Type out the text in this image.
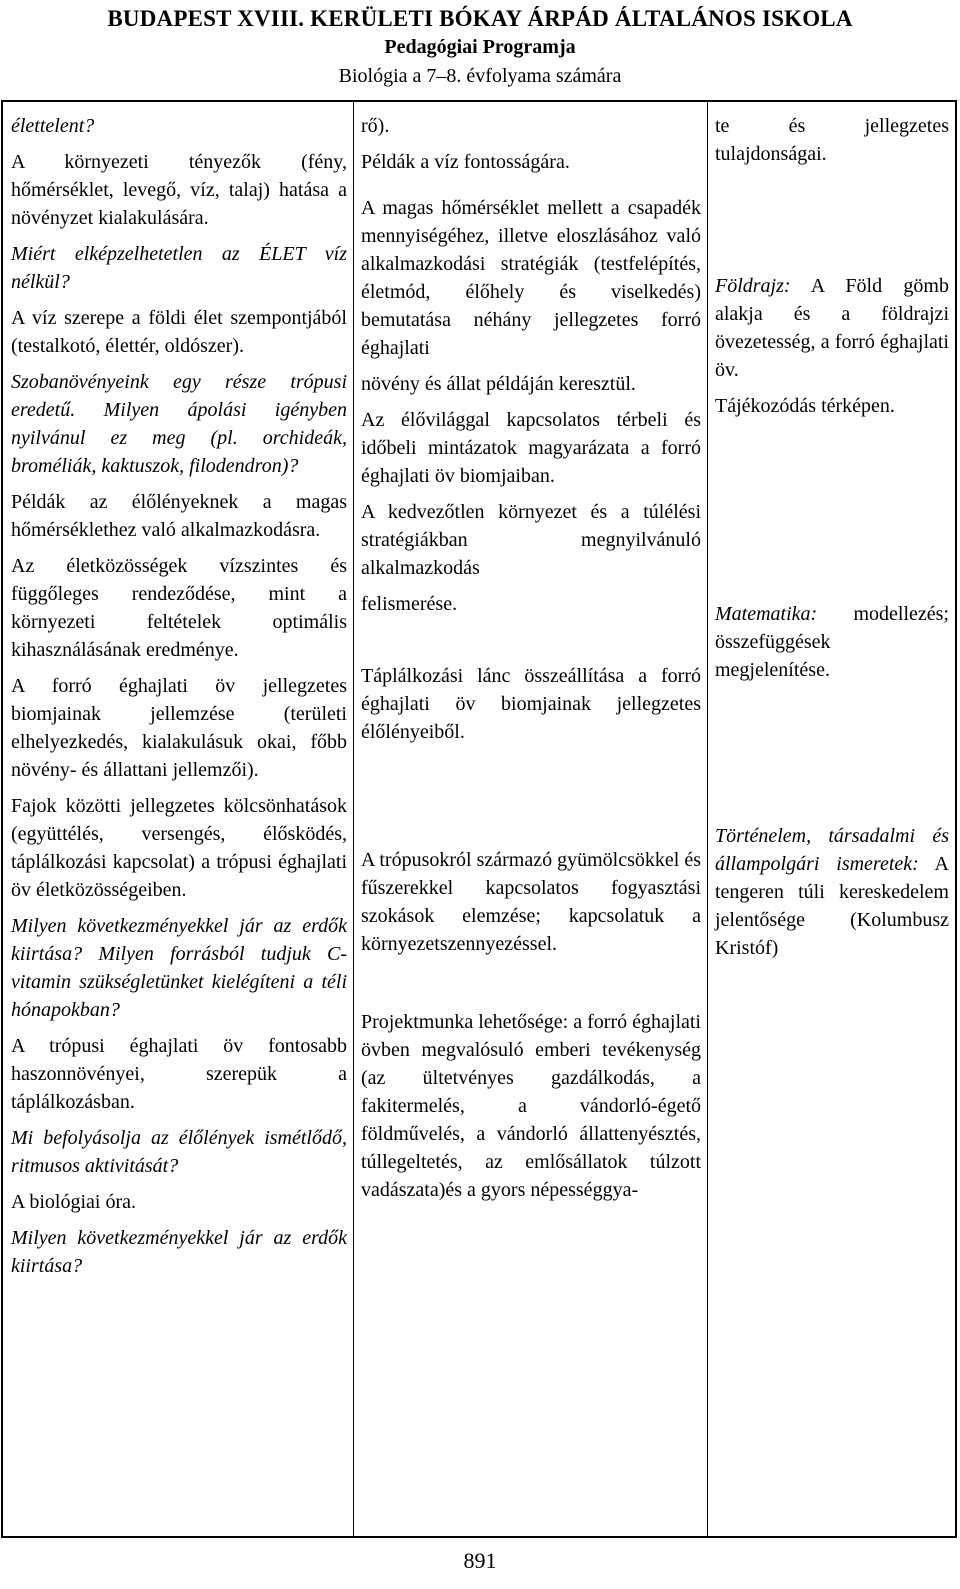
BUDAPEST XVIII. KERÜLETI BÓKAY ÁRPÁD ÁLTALÁNOS ISKOLA
Pedagógiai Programja
Biológia a 7–8. évfolyama számára

élettelent?

A környezeti tényezők (fény, hőmérséklet, levegő, víz, talaj) hatása a növényzet kialakulására.

Miért elképzelhetetlen az ÉLET víz nélkül?

A víz szerepe a földi élet szempontjából (testalkotó, élettér, oldószer).

Szobanövényeink egy része trópusi eredetű. Milyen ápolási igényben nyilvánul ez meg (pl. orchideák, broméliák, kaktuszok, filodendron)?

Példák az élőlényeknek a magas hőmérséklethez való alkalmazkodásra.

Az életközösségek vízszintes és függőleges rendeződése, mint a környezeti feltételek optimális kihasználásának eredménye.

A forró éghajlati öv jellegzetes biomjainak jellemzése (területi elhelyezkedés, kialakulásuk okai, főbb növény- és állattani jellemzői).

Fajok közötti jellegzetes kölcsönhatások (együttélés, versengés, élősködés, táplálkozási kapcsolat) a trópusi éghajlati öv életközösségeiben.

Milyen következményekkel jár az erdők kiirtása? Milyen forrásból tudjuk C-vitamin szükségletünket kielégíteni a téli hónapokban?

A trópusi éghajlati öv fontosabb haszonnövényei, szerepük a táplálkozásban.

Mi befolyásolja az élőlények ismétlődő, ritmusos aktivitását?

A biológiai óra.

Milyen következményekkel jár az erdők kiirtása?

rő).

Példák a víz fontosságára.

A magas hőmérséklet mellett a csapadék mennyiségéhez, illetve eloszlásához való alkalmazkodási stratégiák (testfelépítés, életmód, élőhely és viselkedés) bemutatása néhány jellegzetes forró éghajlati

növény és állat példáján keresztül.

Az élővilággal kapcsolatos térbeli és időbeli mintázatok magyarázata a forró éghajlati öv biomjaiban.

A kedvezőtlen környezet és a túlélési stratégiákban megnyilvánuló alkalmazkodás

felismerése.

Táplálkozási lánc összeállítása a forró éghajlati öv biomjainak jellegzetes élőlényeiből.

A trópusokról származó gyümölcsökkel és fűszerekkel kapcsolatos fogyasztási szokások elemzése; kapcsolatuk a környezetszennyezéssel.

Projektmunka lehetősége: a forró éghajlati övben megvalósuló emberi tevékenység (az ültetvényes gazdálkodás, a fakitermelés, a vándorló-égető földművelés, a vándorló állattenyésztés, túllegeltetés, az emlősállatok túlzott vadászata)és a gyors népességgya-

te és jellegzetes tulajdonságai.

Földrajz: A Föld gömb alakja és a földrajzi övezetesség, a forró éghajlati öv.

Tájékozódás térképen.

Matematika: modellezés; összefüggések megjelenítése.

Történelem, társadalmi és állampolgári ismeretek: A tengeren túli kereskedelem jelentősége (Kolumbusz Kristóf)

891
